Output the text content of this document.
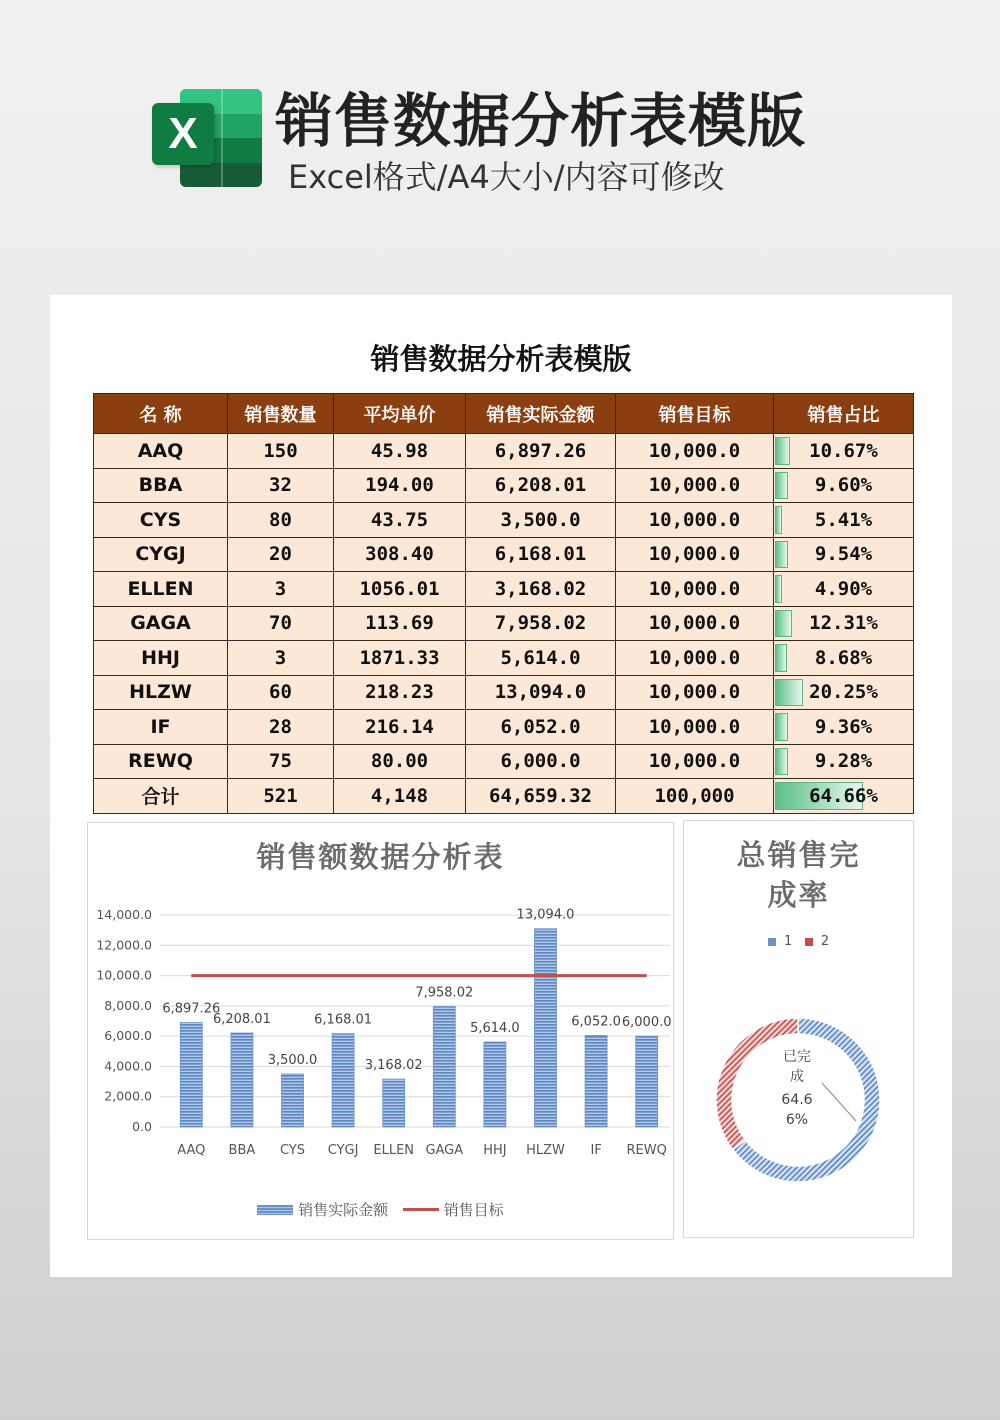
X 销售数据分析表模版
Excel格式/A4大小/内容可修改
销售数据分析表模版
名 称	销售数量	平均单价	销售实际金额	销售目标	销售占比
AAQ	150	45.98	6,897.26	10,000.0	10.67%
BBA	32	194.00	6,208.01	10,000.0	9.60%
CYS	80	43.75	3,500.0	10,000.0	5.41%
CYGJ	20	308.40	6,168.01	10,000.0	9.54%
ELLEN	3	1056.01	3,168.02	10,000.0	4.90%
GAGA	70	113.69	7,958.02	10,000.0	12.31%
HHJ	3	1871.33	5,614.0	10,000.0	8.68%
HLZW	60	218.23	13,094.0	10,000.0	20.25%
IF	28	216.14	6,052.0	10,000.0	9.36%
REWQ	75	80.00	6,000.0	10,000.0	9.28%
合计	521	4,148	64,659.32	100,000	64.66%
销售额数据分析表
0.0
2,000.0
4,000.0
6,000.0
8,000.0
10,000.0
12,000.0
14,000.0
6,897.26
AAQ
6,208.01
BBA
3,500.0
CYS
6,168.01
CYGJ
3,168.02
ELLEN
7,958.02
GAGA
5,614.0
HHJ
13,094.0
HLZW
6,052.0
IF
6,000.0
REWQ
销售实际金额	销售目标
总销售完
成率
1 2
已完
成
64.6
6%
